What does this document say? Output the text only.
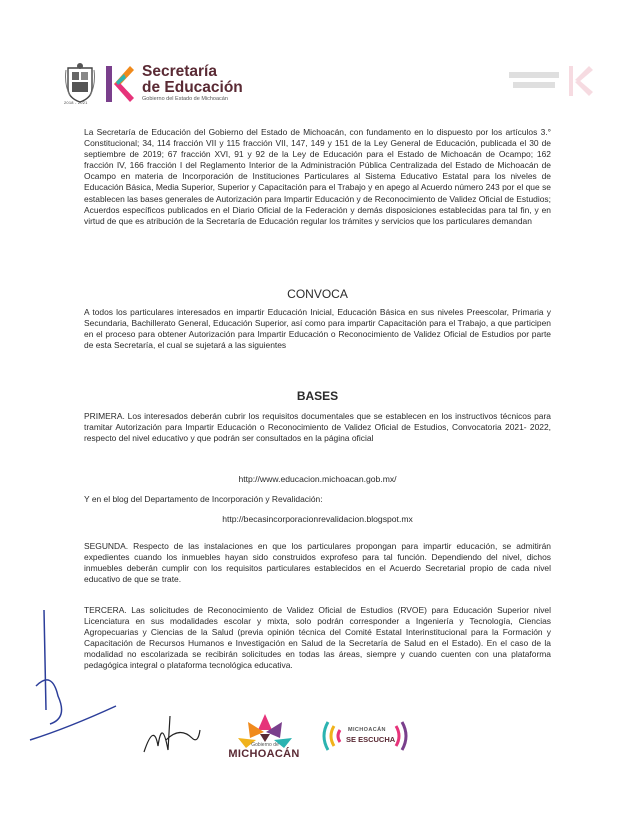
2018 - 2021
Secretaría
de Educación
Gobierno del Estado de Michoacán
La Secretaría de Educación del Gobierno del Estado de Michoacán, con fundamento en lo dispuesto por los artículos 3.° Constitucional; 34, 114 fracción VII y 115 fracción VII, 147, 149 y 151 de la Ley General de Educación, publicada el 30 de septiembre de 2019; 67 fracción XVI, 91 y 92 de la Ley de Educación para el Estado de Michoacán de Ocampo; 162 fracción IV, 166 fracción I del Reglamento Interior de la Administración Pública Centralizada del Estado de Michoacán de Ocampo en materia de Incorporación de Instituciones Particulares al Sistema Educativo Estatal para los niveles de Educación Básica, Media Superior, Superior y Capacitación para el Trabajo y en apego al Acuerdo número 243 por el que se establecen las bases generales de Autorización para Impartir Educación y de Reconocimiento de Validez Oficial de Estudios; Acuerdos específicos publicados en el Diario Oficial de la Federación y demás disposiciones establecidas para tal fin, y en virtud de que es atribución de la Secretaría de Educación regular los trámites y servicios que los particulares demandan
CONVOCA
A todos los particulares interesados en impartir Educación Inicial, Educación Básica en sus niveles Preescolar, Primaria y Secundaria, Bachillerato General, Educación Superior, así como para impartir Capacitación para el Trabajo, a que participen en el proceso para obtener Autorización para Impartir Educación o Reconocimiento de Validez Oficial de Estudios por parte de esta Secretaría, el cual se sujetará a las siguientes
BASES
PRIMERA. Los interesados deberán cubrir los requisitos documentales que se establecen en los instructivos técnicos para tramitar Autorización para Impartir Educación o Reconocimiento de Validez Oficial de Estudios, Convocatoria 2021- 2022, respecto del nivel educativo y que podrán ser consultados en la página oficial
http://www.educacion.michoacan.gob.mx/
Y en el blog del Departamento de Incorporación y Revalidación:
http://becasincorporacionrevalidacion.blogspot.mx
SEGUNDA. Respecto de las instalaciones en que los particulares propongan para impartir educación, se admitirán expedientes cuando los inmuebles hayan sido construidos exprofeso para tal función. Dependiendo del nivel, dichos inmuebles deberán cumplir con los requisitos particulares establecidos en el Acuerdo Secretarial propio de cada nivel educativo de que se trate.
TERCERA. Las solicitudes de Reconocimiento de Validez Oficial de Estudios (RVOE) para Educación Superior nivel Licenciatura en sus modalidades escolar y mixta, solo podrán corresponder a Ingeniería y Tecnología, Ciencias Agropecuarias y Ciencias de la Salud (previa opinión técnica del Comité Estatal Interinstitucional para la Formación y Capacitación de Recursos Humanos e Investigación en Salud de la Secretaría de Salud en el Estado). En el caso de la modalidad no escolarizada se recibirán solicitudes en todas las áreas, siempre y cuando cuenten con una plataforma pedagógica integral o plataforma tecnológica educativa.
Gobierno de
MICHOACÁN
MICHOACÁN
SE ESCUCHA
